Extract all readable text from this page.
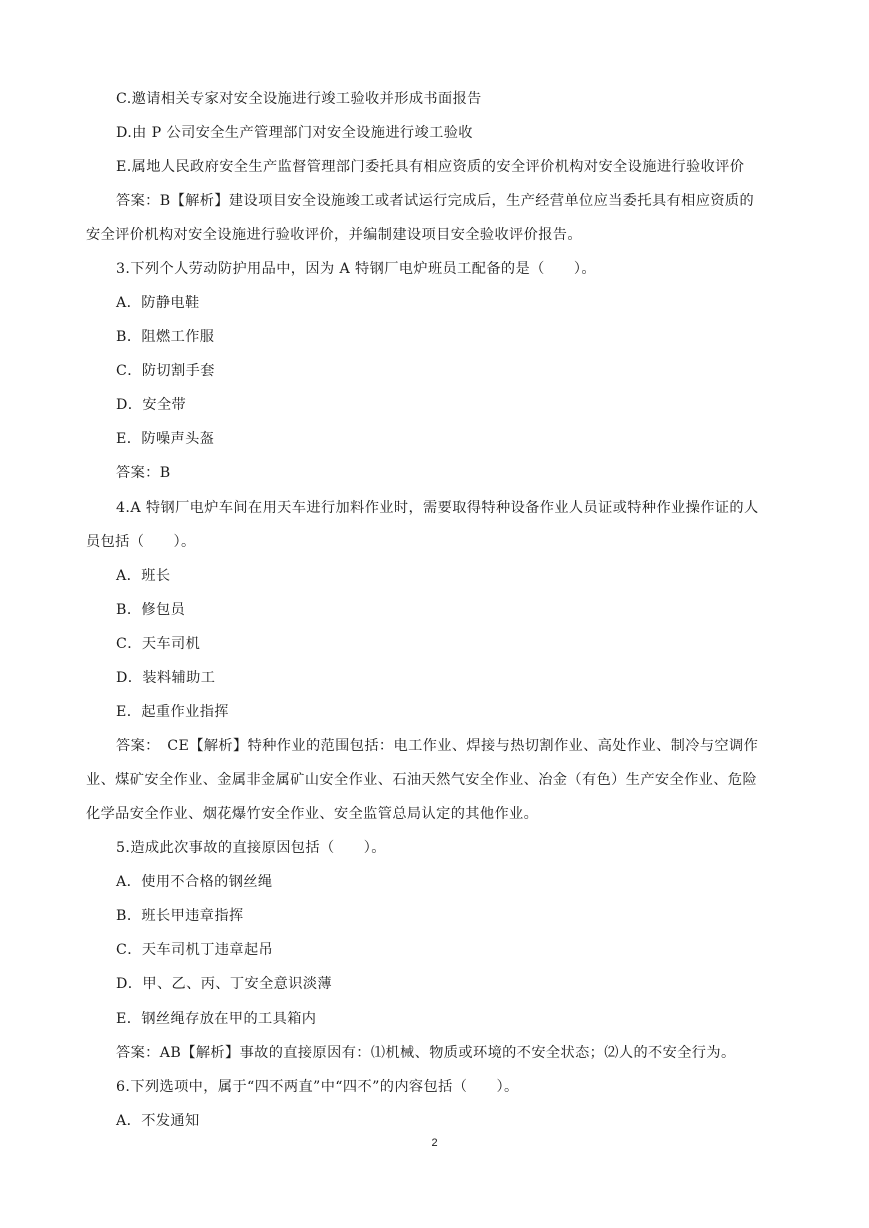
C.邀请相关专家对安全设施进行竣工验收并形成书面报告
D.由 P 公司安全生产管理部门对安全设施进行竣工验收
E.属地人民政府安全生产监督管理部门委托具有相应资质的安全评价机构对安全设施进行验收评价
答案：B【解析】建设项目安全设施竣工或者试运行完成后，生产经营单位应当委托具有相应资质的
安全评价机构对安全设施进行验收评价，并编制建设项目安全验收评价报告。
3.下列个人劳动防护用品中，因为 A 特钢厂电炉班员工配备的是（　　）。
A．防静电鞋
B．阻燃工作服
C．防切割手套
D．安全带
E．防噪声头盔
答案：B
4.A 特钢厂电炉车间在用天车进行加料作业时，需要取得特种设备作业人员证或特种作业操作证的人
员包括（　　）。
A．班长
B．修包员
C．天车司机
D．装料辅助工
E．起重作业指挥
答案：　CE【解析】特种作业的范围包括：电工作业、焊接与热切割作业、高处作业、制冷与空调作
业、煤矿安全作业、金属非金属矿山安全作业、石油天然气安全作业、冶金（有色）生产安全作业、危险
化学品安全作业、烟花爆竹安全作业、安全监管总局认定的其他作业。
5.造成此次事故的直接原因包括（　　）。
A．使用不合格的钢丝绳
B．班长甲违章指挥
C．天车司机丁违章起吊
D．甲、乙、丙、丁安全意识淡薄
E．钢丝绳存放在甲的工具箱内
答案：AB【解析】事故的直接原因有：⑴机械、物质或环境的不安全状态；⑵人的不安全行为。
6.下列选项中，属于“四不两直”中“四不”的内容包括（　　）。
A．不发通知
2
